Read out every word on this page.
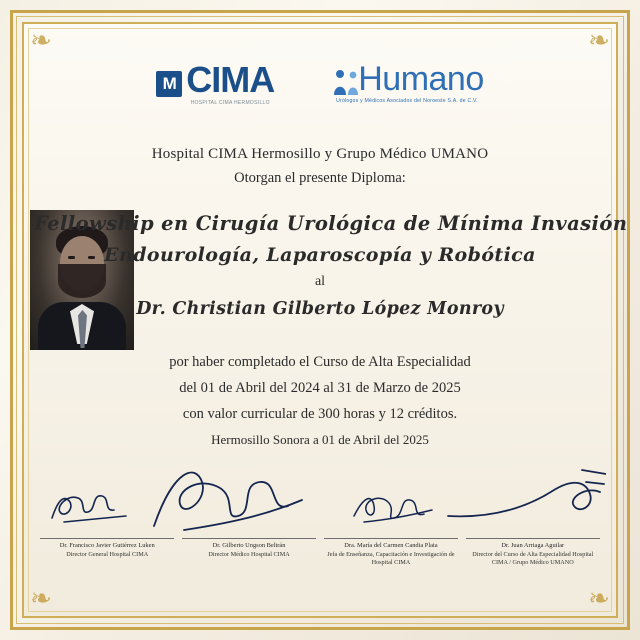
❧	❧
❧	❧
M CIMA
HOSPITAL CIMA HERMOSILLO
Humano
Urólogos y Médicos Asociados del Noroeste S.A. de C.V.
Hospital CIMA Hermosillo y Grupo Médico UMANO
Otorgan el presente Diploma:
Fellowship en Cirugía Urológica de Mínima Invasión
Endourología, Laparoscopía y Robótica
al
Dr. Christian Gilberto López Monroy
por haber completado el Curso de Alta Especialidad
del 01 de Abril del 2024 al 31 de Marzo de 2025
con valor curricular de 300 horas y 12 créditos.
Hermosillo Sonora a 01 de Abril del 2025
Dr. Francisco Javier Gutiérrez Luken
Director General Hospital CIMA
Dr. Gilberto Ungson Beltrán
Director Médico Hospital CIMA
Dra. María del Carmen Candia Plata
Jefa de Enseñanza, Capacitación e Investigación de Hospital CIMA
Dr. Juan Arriaga Aguilar
Director del Curso de Alta Especialidad Hospital CIMA / Grupo Médico UMANO
